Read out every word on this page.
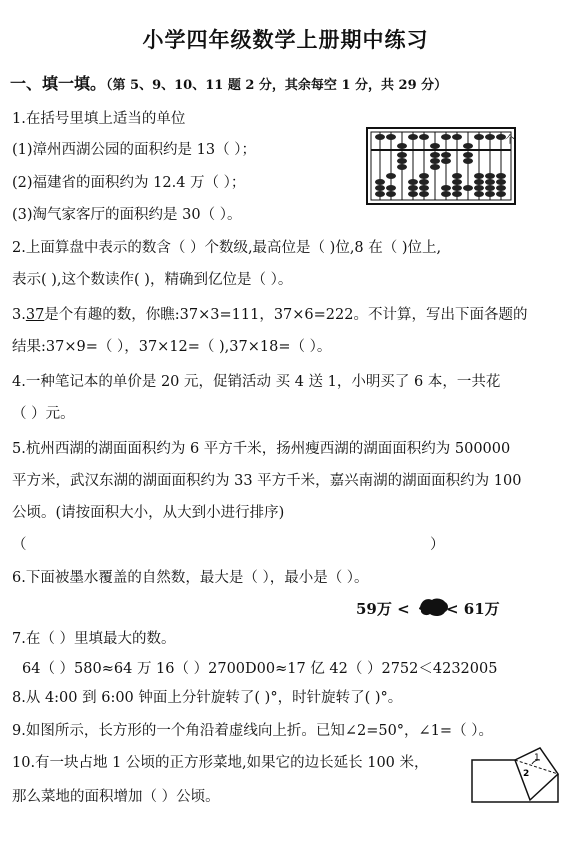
小学四年级数学上册期中练习
一、填一填。（第 5、9、10、11 题 2 分，其余每空 1 分，共 29 分）
1.在括号里填上适当的单位
(1)漳州西湖公园的面积约是 13（ ）；
(2)福建省的面积约为 12.4 万（ ）；
(3)淘气家客厅的面积约是 30（ ）。
个
2.上面算盘中表示的数含（ ）个数级,最高位是（ )位,8 在（ )位上,
表示( ),这个数读作( )，精确到亿位是（ ）。
3.37是个有趣的数，你瞧:37×3=111，37×6=222。不计算，写出下面各题的
结果:37×9=（ ），37×12=（ ),37×18=（ ）。
4.一种笔记本的单价是 20 元，促销活动 买 4 送 1，小明买了 6 本，一共花
（ ）元。
5.杭州西湖的湖面面积约为 6 平方千米，扬州瘦西湖的湖面面积约为 500000
平方米，武汉东湖的湖面面积约为 33 平方千米，嘉兴南湖的湖面面积约为 100
公顷。(请按面积大小，从大到小进行排序)
（	）
6.下面被墨水覆盖的自然数，最大是（ ），最小是（ ）。
59万 < < 61万
7.在（ ）里填最大的数。
64（ ）580≈64 万 16（ ）2700D00≈17 亿 42（ ）2752＜4232005
8.从 4:00 到 6:00 钟面上分针旋转了( )°，时针旋转了( )°。
9.如图所示，长方形的一个角沿着虚线向上折。已知∠2=50°，∠1=（ ）。
10.有一块占地 1 公顷的正方形菜地,如果它的边长延长 100 米，
那么菜地的面积增加（ ）公顷。
1
2
